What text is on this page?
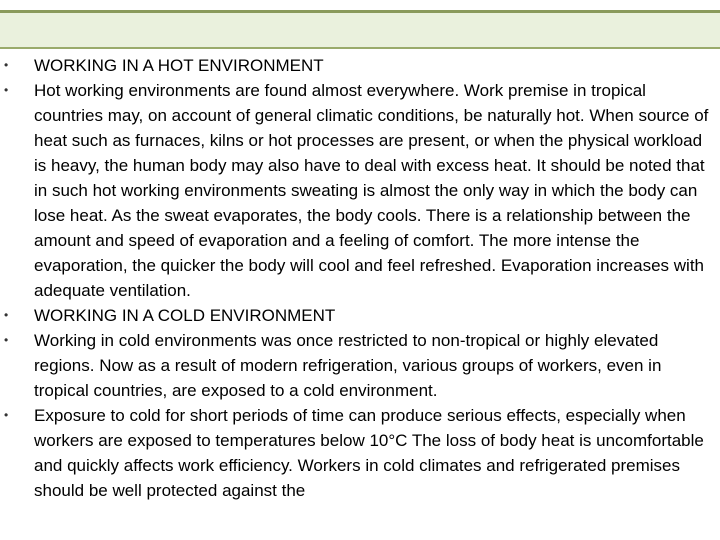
• WORKING IN A HOT ENVIRONMENT
• Hot working environments are found almost everywhere. Work premise in tropical countries may, on account of general climatic conditions, be naturally hot. When source of heat such as furnaces, kilns or hot processes are present, or when the physical workload is heavy, the human body may also have to deal with excess heat. It should be noted that in such hot working environments sweating is almost the only way in which the body can lose heat. As the sweat evaporates, the body cools. There is a relationship between the amount and speed of evaporation and a feeling of comfort. The more intense the evaporation, the quicker the body will cool and feel refreshed. Evaporation increases with adequate ventilation.
• WORKING IN A COLD ENVIRONMENT
• Working in cold environments was once restricted to non-tropical or highly elevated regions. Now as a result of modern refrigeration, various groups of workers, even in tropical countries, are exposed to a cold environment.
• Exposure to cold for short periods of time can produce serious effects, especially when workers are exposed to temperatures below 10°C The loss of body heat is uncomfortable and quickly affects work efficiency. Workers in cold climates and refrigerated premises should be well protected against the
